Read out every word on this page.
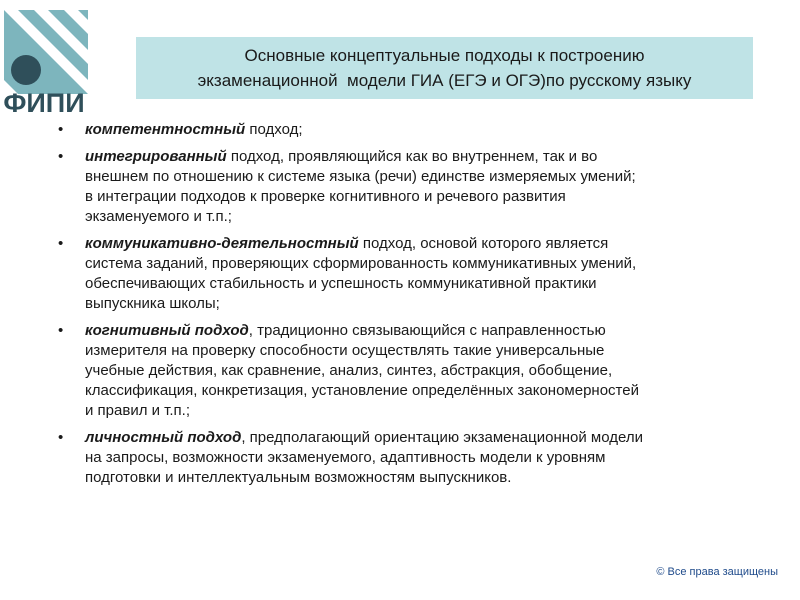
ФИПИ
Основные концептуальные подходы к построению
экзаменационной  модели ГИА (ЕГЭ и ОГЭ)по русскому языку
• компетентностный подход;
• интегрированный подход, проявляющийся как во внутреннем, так и во
внешнем по отношению к системе языка (речи) единстве измеряемых умений;
в интеграции подходов к проверке когнитивного и речевого развития
экзаменуемого и т.п.;
• коммуникативно-деятельностный подход, основой которого является
система заданий, проверяющих сформированность коммуникативных умений,
обеспечивающих стабильность и успешность коммуникативной практики
выпускника школы;
• когнитивный подход, традиционно связывающийся с направленностью
измерителя на проверку способности осуществлять такие универсальные
учебные действия, как сравнение, анализ, синтез, абстракция, обобщение,
классификация, конкретизация, установление определённых закономерностей
и правил и т.п.;
• личностный подход, предполагающий ориентацию экзаменационной модели
на запросы, возможности экзаменуемого, адаптивность модели к уровням
подготовки и интеллектуальным возможностям выпускников.
© Все права защищены
